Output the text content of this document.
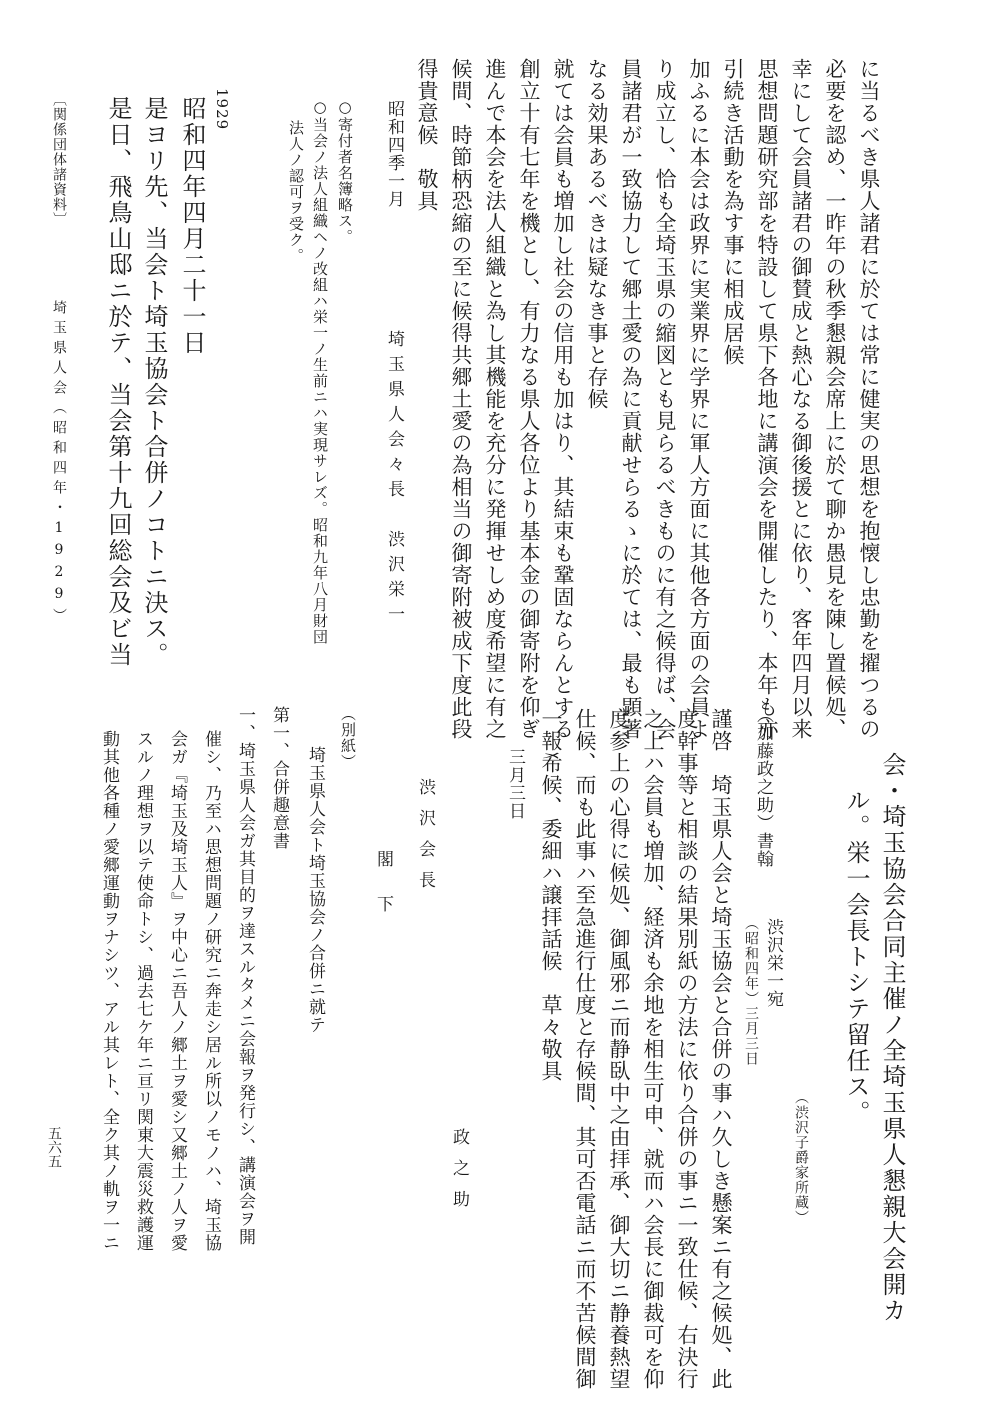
に当るべき県人諸君に於ては常に健実の思想を抱懐し忠勤を擢つるの
必要を認め、一昨年の秋季懇親会席上に於て聊か愚見を陳し置候処、
幸にして会員諸君の御賛成と熱心なる御後援とに依り、客年四月以来
思想問題研究部を特設して県下各地に講演会を開催したり、本年も亦
引続き活動を為す事に相成居候
加ふるに本会は政界に実業界に学界に軍人方面に其他各方面の会員よ
り成立し、恰も全埼玉県の縮図とも見らるべきものに有之候得ば、会
員諸君が一致協力して郷土愛の為に貢献せらるゝに於ては、最も顕著
なる効果あるべきは疑なき事と存候
就ては会員も増加し社会の信用も加はり、其結束も鞏固ならんとする
創立十有七年を機とし、有力なる県人各位より基本金の御寄附を仰ぎ
進んで本会を法人組織と為し其機能を充分に発揮せしめ度希望に有之
候間、時節柄恐縮の至に候得共郷土愛の為相当の御寄附被成下度此段
得貴意候　敬具
昭和四季一月
埼玉県人会々長　渋沢栄一
○寄付者名簿略ス。
○当会ノ法人組織ヘノ改組ハ栄一ノ生前ニハ実現サレズ。昭和九年八月財団
法人ノ認可ヲ受ク。
1929
昭和四年四月二十一日
是ヨリ先、当会ト埼玉協会ト合併ノコトニ決ス。
是日、飛鳥山邸ニ於テ、当会第十九回総会及ビ当
〔関係団体諸資料〕
埼玉県人会（昭和四年・1929）
会・埼玉協会合同主催ノ全埼玉県人懇親大会開カ
ル。栄一会長トシテ留任ス。
（渋沢子爵家所蔵）
（加藤政之助）書翰
渋沢栄一宛
（昭和四年）三月三日
謹啓　埼玉県人会と埼玉協会と合併の事ハ久しき懸案ニ有之候処、此
度幹事等と相談の結果別紙の方法に依り合併の事ニ一致仕候、右決行
之上ハ会員も増加、経済も余地を相生可申、就而ハ会長に御裁可を仰
度参上の心得に候処、御風邪ニ而静臥中之由拝承、御大切ニ静養熱望
仕候、而も此事ハ至急進行仕度と存候間、其可否電話ニ而不苦候間御
一報希候、委細ハ譲拝話候　草々敬具
三月三日
政之助
渋沢会長
閣下
（別紙）
埼玉県人会ト埼玉協会ノ合併ニ就テ
第一、合併趣意書
一、埼玉県人会ガ其目的ヲ達スルタメニ会報ヲ発行シ、講演会ヲ開
催シ、乃至ハ思想問題ノ研究ニ奔走シ居ル所以ノモノハ、埼玉協
会ガ『埼玉及埼玉人』ヲ中心ニ吾人ノ郷土ヲ愛シ又郷土ノ人ヲ愛
スルノ理想ヲ以テ使命トシ、過去七ケ年ニ亘リ関東大震災救護運
動其他各種ノ愛郷運動ヲナシツ、アル其レト、全ク其ノ軌ヲ一ニ
五六五
